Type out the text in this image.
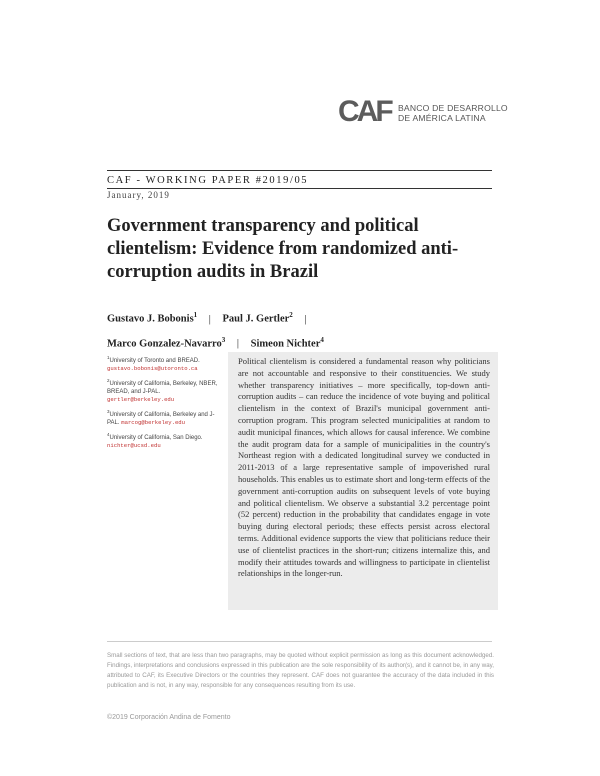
CAF BANCO DE DESARROLLO
DE AMÉRICA LATINA
CAF - WORKING PAPER #2019/05
January, 2019
Government transparency and political clientelism: Evidence from randomized anti-corruption audits in Brazil
Gustavo J. Bobonis$^1$ | Paul J. Gertler$^2$ |
Marco Gonzalez-Navarro$^3$ | Simeon Nichter$^4$
$^1$University of Toronto and BREAD.
gustavo.bobonis@utoronto.ca
$^2$University of California, Berkeley, NBER, BREAD, and J-PAL.
gertler@berkeley.edu
$^3$University of California, Berkeley and J-PAL. marcog@berkeley.edu
$^4$University of California, San Diego.
nichter@ucsd.edu
Political clientelism is considered a fundamental reason why politicians are not accountable and responsive to their constituencies. We study whether transparency initiatives – more specifically, top-down anti-corruption audits – can reduce the incidence of vote buying and political clientelism in the context of Brazil's municipal government anti-corruption program. This program selected municipalities at random to audit municipal finances, which allows for causal inference. We combine the audit program data for a sample of municipalities in the country's Northeast region with a dedicated longitudinal survey we conducted in 2011-2013 of a large representative sample of impoverished rural households. This enables us to estimate short and long-term effects of the government anti-corruption audits on subsequent levels of vote buying and political clientelism. We observe a substantial 3.2 percentage point (52 percent) reduction in the probability that candidates engage in vote buying during electoral periods; these effects persist across electoral terms. Additional evidence supports the view that politicians reduce their use of clientelist practices in the short-run; citizens internalize this, and modify their attitudes towards and willingness to participate in clientelist relationships in the longer-run.
Small sections of text, that are less than two paragraphs, may be quoted without explicit permission as long as this document acknowledged. Findings, interpretations and conclusions expressed in this publication are the sole responsibility of its author(s), and it cannot be, in any way, attributed to CAF, its Executive Directors or the countries they represent. CAF does not guarantee the accuracy of the data included in this publication and is not, in any way, responsible for any consequences resulting from its use.
©2019 Corporación Andina de Fomento
